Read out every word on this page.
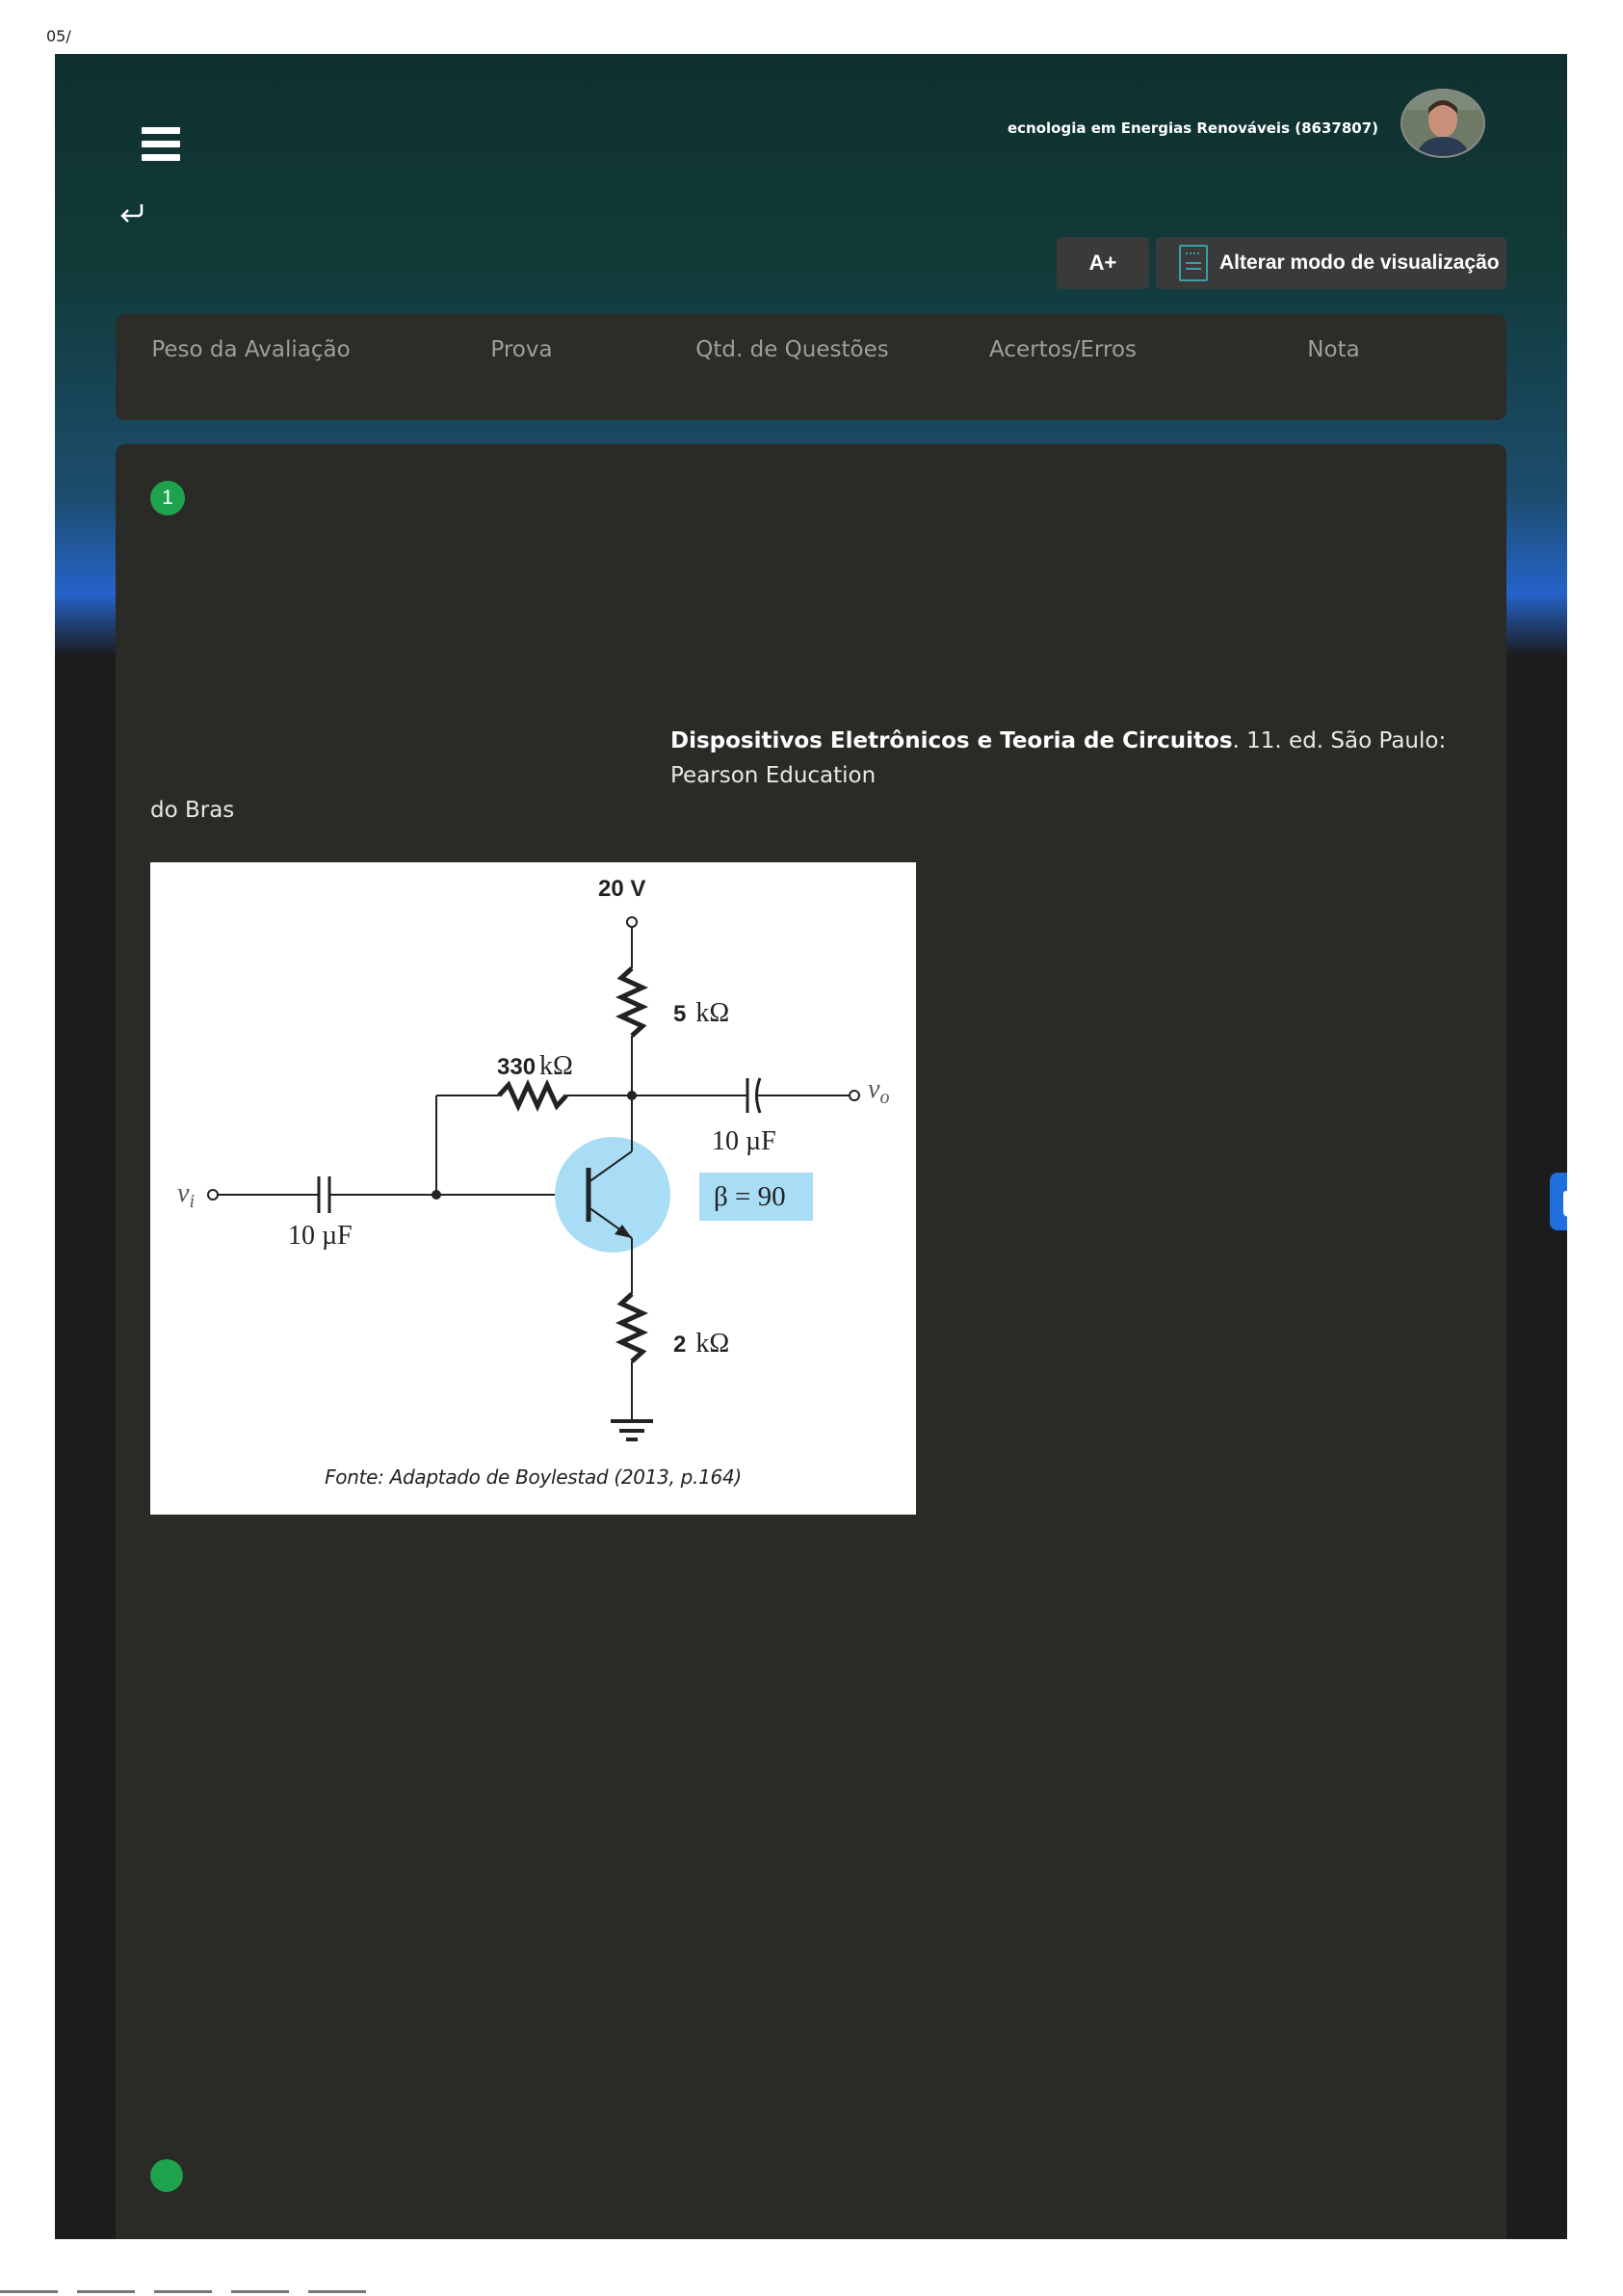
05/
ecnologia em Energias Renováveis (8637807)
A+	Alterar modo de visualização
Peso da Avaliação	Prova	Qtd. de Questões	Acertos/Erros	Nota
1
Dispositivos Eletrônicos e Teoria de Circuitos. 11. ed. São Paulo: Pearson Education
do Bras
20 V
5 kΩ
330 kΩ
2 kΩ
10 µF
10 µF
β = 90
$v_i$
$v_o$
Fonte: Adaptado de Boylestad (2013, p.164)
